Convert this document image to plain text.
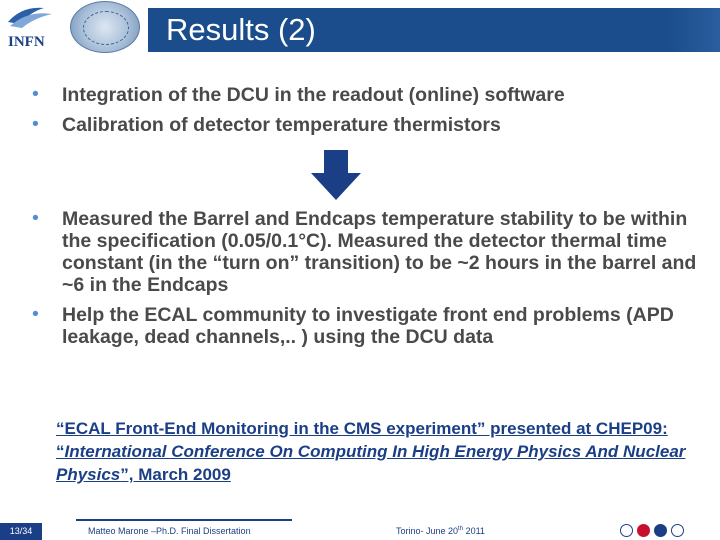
INFN	Results (2)
• Integration of the DCU in the readout (online) software
• Calibration of detector temperature thermistors
• Measured the Barrel and Endcaps temperature stability to be within the specification (0.05/0.1°C). Measured the detector thermal time constant (in the “turn on” transition) to be ~2 hours in the barrel and ~6 in the Endcaps
• Help the ECAL community to investigate front end problems (APD leakage, dead channels,.. ) using the DCU data
“ECAL Front-End Monitoring in the CMS experiment” presented at CHEP09: “International Conference On Computing In High Energy Physics And Nuclear Physics”, March 2009
13/34	Matteo Marone –Ph.D. Final Dissertation	Torino- June 20th 2011
